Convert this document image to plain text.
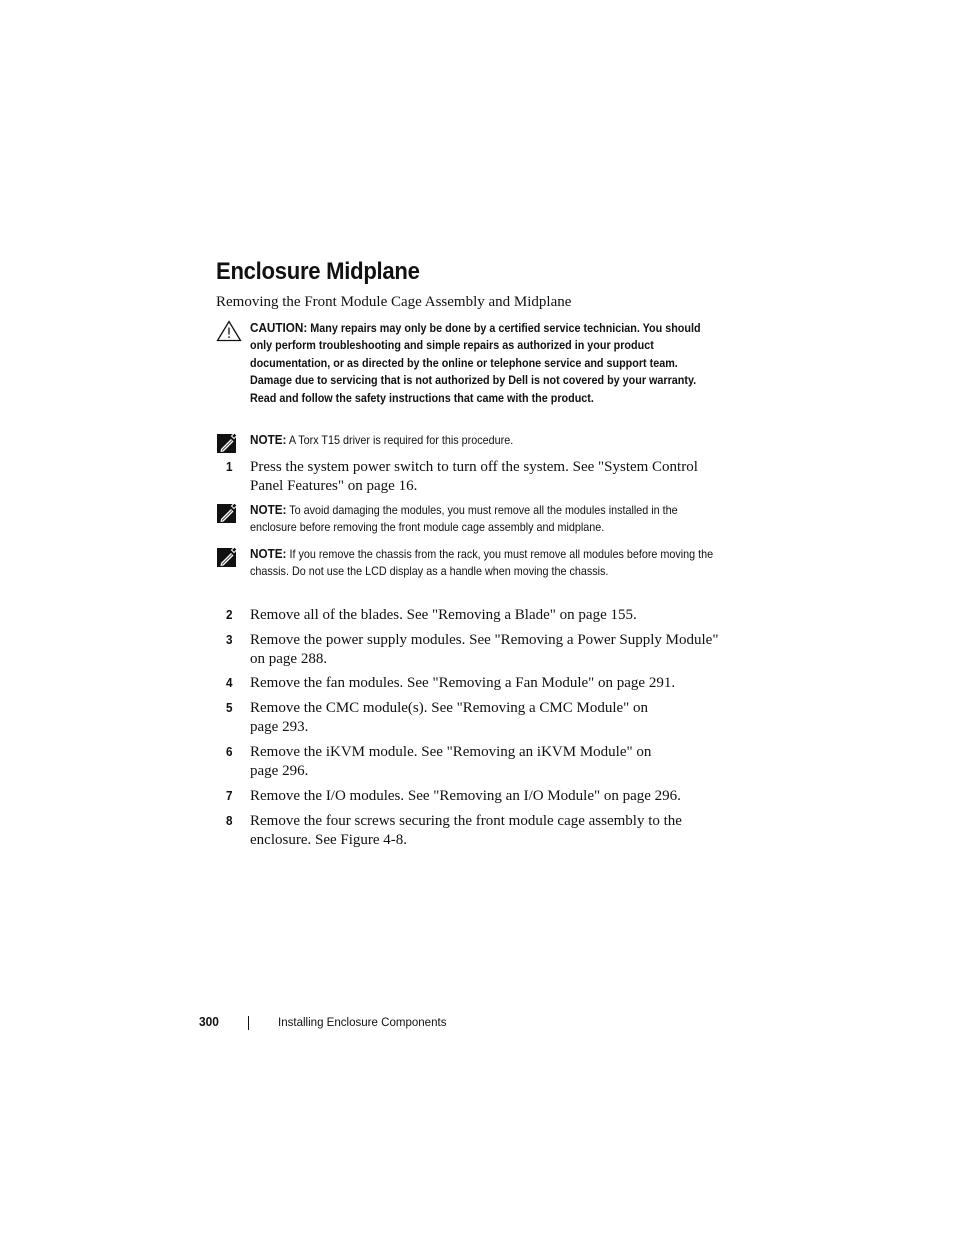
Enclosure Midplane
Removing the Front Module Cage Assembly and Midplane
CAUTION: Many repairs may only be done by a certified service technician. You should only perform troubleshooting and simple repairs as authorized in your product documentation, or as directed by the online or telephone service and support team. Damage due to servicing that is not authorized by Dell is not covered by your warranty. Read and follow the safety instructions that came with the product.
NOTE: A Torx T15 driver is required for this procedure.
1 Press the system power switch to turn off the system. See "System Control Panel Features" on page 16.
NOTE: To avoid damaging the modules, you must remove all the modules installed in the enclosure before removing the front module cage assembly and midplane.
NOTE: If you remove the chassis from the rack, you must remove all modules before moving the chassis. Do not use the LCD display as a handle when moving the chassis.
2 Remove all of the blades. See "Removing a Blade" on page 155.
3 Remove the power supply modules. See "Removing a Power Supply Module" on page 288.
4 Remove the fan modules. See "Removing a Fan Module" on page 291.
5 Remove the CMC module(s). See "Removing a CMC Module" on page 293.
6 Remove the iKVM module. See "Removing an iKVM Module" on page 296.
7 Remove the I/O modules. See "Removing an I/O Module" on page 296.
8 Remove the four screws securing the front module cage assembly to the enclosure. See Figure 4-8.
300	Installing Enclosure Components
